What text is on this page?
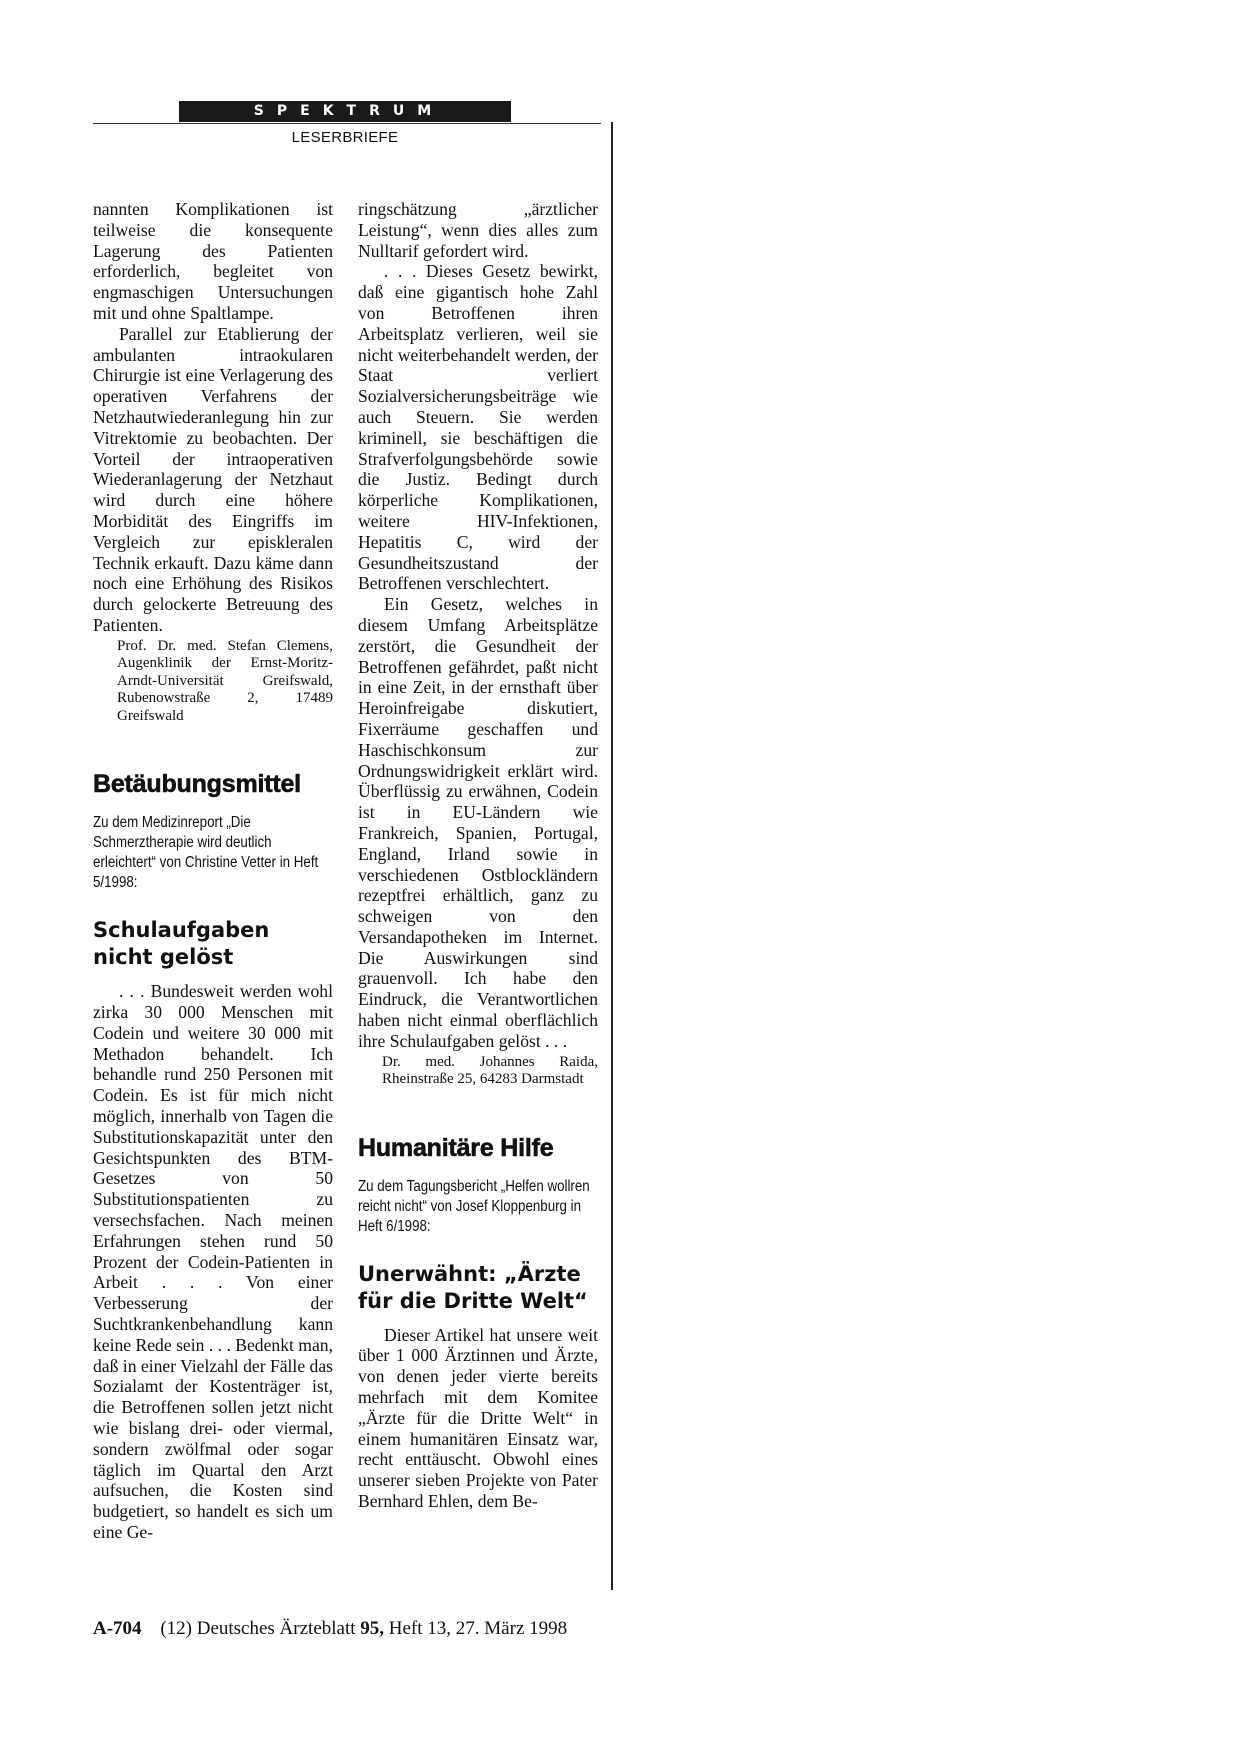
SPEKTRUM
LESERBRIEFE

nannten Komplikationen ist teilweise die konsequente Lagerung des Patienten erforderlich, begleitet von engmaschigen Untersuchungen mit und ohne Spaltlampe.

Parallel zur Etablierung der ambulanten intraokularen Chirurgie ist eine Verlagerung des operativen Verfahrens der Netzhautwiederanlegung hin zur Vitrektomie zu beobachten. Der Vorteil der intraoperativen Wiederanlagerung der Netzhaut wird durch eine höhere Morbidität des Eingriffs im Vergleich zur episkleralen Technik erkauft. Dazu käme dann noch eine Erhöhung des Risikos durch gelockerte Betreuung des Patienten.

Prof. Dr. med. Stefan Clemens, Augenklinik der Ernst-Moritz-Arndt-Universität Greifswald, Rubenowstraße 2, 17489 Greifswald
Betäubungsmittel
Zu dem Medizinreport „Die Schmerztherapie wird deutlich erleichtert“ von Christine Vetter in Heft 5/1998:
Schulaufgaben nicht gelöst

. . . Bundesweit werden wohl zirka 30 000 Menschen mit Codein und weitere 30 000 mit Methadon behandelt. Ich behandle rund 250 Personen mit Codein. Es ist für mich nicht möglich, innerhalb von Tagen die Substitutionskapazität unter den Gesichtspunkten des BTM-Gesetzes von 50 Substitutionspatienten zu versechsfachen. Nach meinen Erfahrungen stehen rund 50 Prozent der Codein-Patienten in Arbeit . . . Von einer Verbesserung der Suchtkrankenbehandlung kann keine Rede sein . . . Bedenkt man, daß in einer Vielzahl der Fälle das Sozialamt der Kostenträger ist, die Betroffenen sollen jetzt nicht wie bislang drei- oder viermal, sondern zwölfmal oder sogar täglich im Quartal den Arzt aufsuchen, die Kosten sind budgetiert, so handelt es sich um eine Ge-

ringschätzung „ärztlicher Leistung“, wenn dies alles zum Nulltarif gefordert wird.

. . . Dieses Gesetz bewirkt, daß eine gigantisch hohe Zahl von Betroffenen ihren Arbeitsplatz verlieren, weil sie nicht weiterbehandelt werden, der Staat verliert Sozialversicherungsbeiträge wie auch Steuern. Sie werden kriminell, sie beschäftigen die Strafverfolgungsbehörde sowie die Justiz. Bedingt durch körperliche Komplikationen, weitere HIV-Infektionen, Hepatitis C, wird der Gesundheitszustand der Betroffenen verschlechtert.

Ein Gesetz, welches in diesem Umfang Arbeitsplätze zerstört, die Gesundheit der Betroffenen gefährdet, paßt nicht in eine Zeit, in der ernsthaft über Heroinfreigabe diskutiert, Fixerräume geschaffen und Haschischkonsum zur Ordnungswidrigkeit erklärt wird. Überflüssig zu erwähnen, Codein ist in EU-Ländern wie Frankreich, Spanien, Portugal, England, Irland sowie in verschiedenen Ostblockländern rezeptfrei erhältlich, ganz zu schweigen von den Versandapotheken im Internet. Die Auswirkungen sind grauenvoll. Ich habe den Eindruck, die Verantwortlichen haben nicht einmal oberflächlich ihre Schulaufgaben gelöst . . .

Dr. med. Johannes Raida, Rheinstraße 25, 64283 Darmstadt
Humanitäre Hilfe
Zu dem Tagungsbericht „Helfen wollren reicht nicht“ von Josef Kloppenburg in Heft 6/1998:
Unerwähnt: „Ärzte für die Dritte Welt“

Dieser Artikel hat unsere weit über 1 000 Ärztinnen und Ärzte, von denen jeder vierte bereits mehrfach mit dem Komitee „Ärzte für die Dritte Welt“ in einem humanitären Einsatz war, recht enttäuscht. Obwohl eines unserer sieben Projekte von Pater Bernhard Ehlen, dem Be-

A-704 (12) Deutsches Ärzteblatt 95, Heft 13, 27. März 1998
